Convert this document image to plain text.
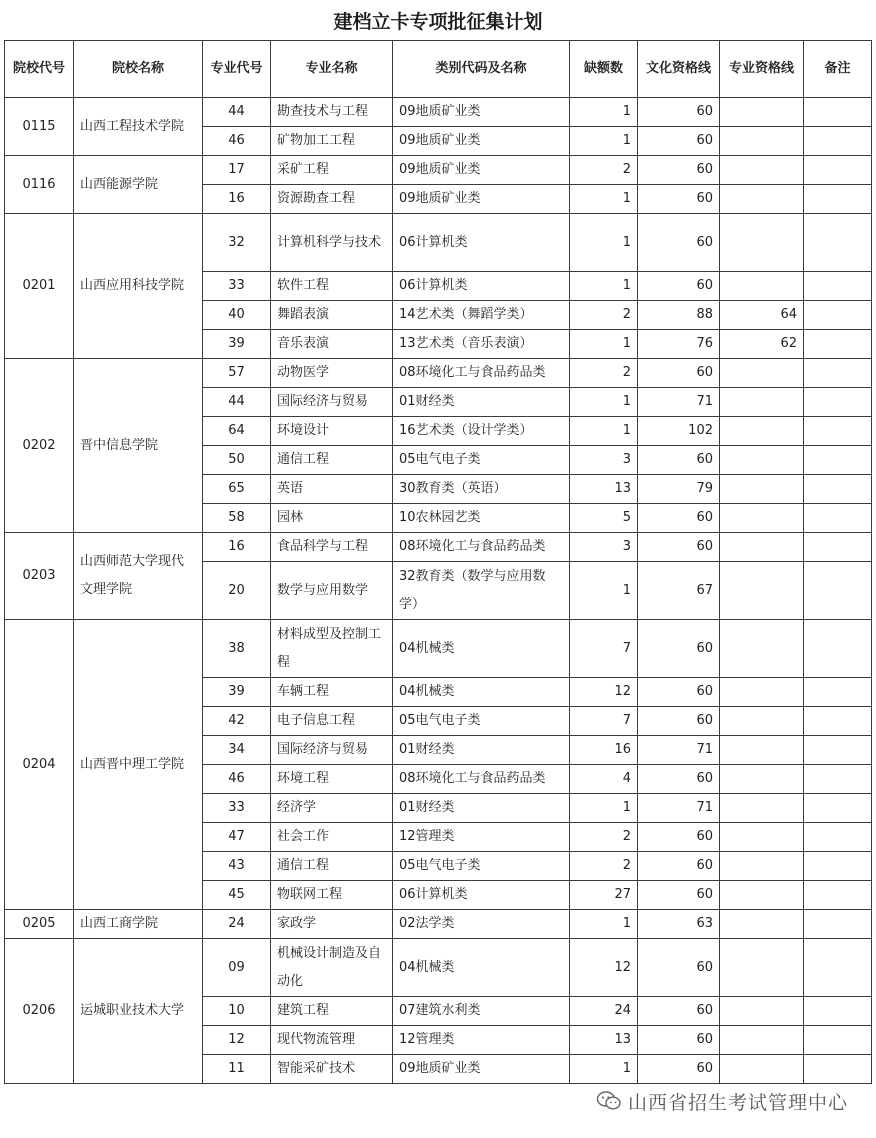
建档立卡专项批征集计划
院校代号	院校名称	专业代号	专业名称	类别代码及名称	缺额数	文化资格线	专业资格线	备注
0115	山西工程技术学院	44	勘查技术与工程	09地质矿业类	1	60		
		46	矿物加工工程	09地质矿业类	1	60		
0116	山西能源学院	17	采矿工程	09地质矿业类	2	60		
		16	资源勘查工程	09地质矿业类	1	60		
0201	山西应用科技学院	32	计算机科学与技术	06计算机类	1	60		
		33	软件工程	06计算机类	1	60		
		40	舞蹈表演	14艺术类（舞蹈学类）	2	88	64	
		39	音乐表演	13艺术类（音乐表演）	1	76	62	
0202	晋中信息学院	57	动物医学	08环境化工与食品药品类	2	60		
		44	国际经济与贸易	01财经类	1	71		
		64	环境设计	16艺术类（设计学类）	1	102		
		50	通信工程	05电气电子类	3	60		
		65	英语	30教育类（英语）	13	79		
		58	园林	10农林园艺类	5	60		
0203	山西师范大学现代文理学院	16	食品科学与工程	08环境化工与食品药品类	3	60		
		20	数学与应用数学	32教育类（数学与应用数学）	1	67		
0204	山西晋中理工学院	38	材料成型及控制工程	04机械类	7	60		
		39	车辆工程	04机械类	12	60		
		42	电子信息工程	05电气电子类	7	60		
		34	国际经济与贸易	01财经类	16	71		
		46	环境工程	08环境化工与食品药品类	4	60		
		33	经济学	01财经类	1	71		
		47	社会工作	12管理类	2	60		
		43	通信工程	05电气电子类	2	60		
		45	物联网工程	06计算机类	27	60		
0205	山西工商学院	24	家政学	02法学类	1	63		
0206	运城职业技术大学	09	机械设计制造及自动化	04机械类	12	60		
		10	建筑工程	07建筑水利类	24	60		
		12	现代物流管理	12管理类	13	60		
		11	智能采矿技术	09地质矿业类	1	60		
山西省招生考试管理中心
